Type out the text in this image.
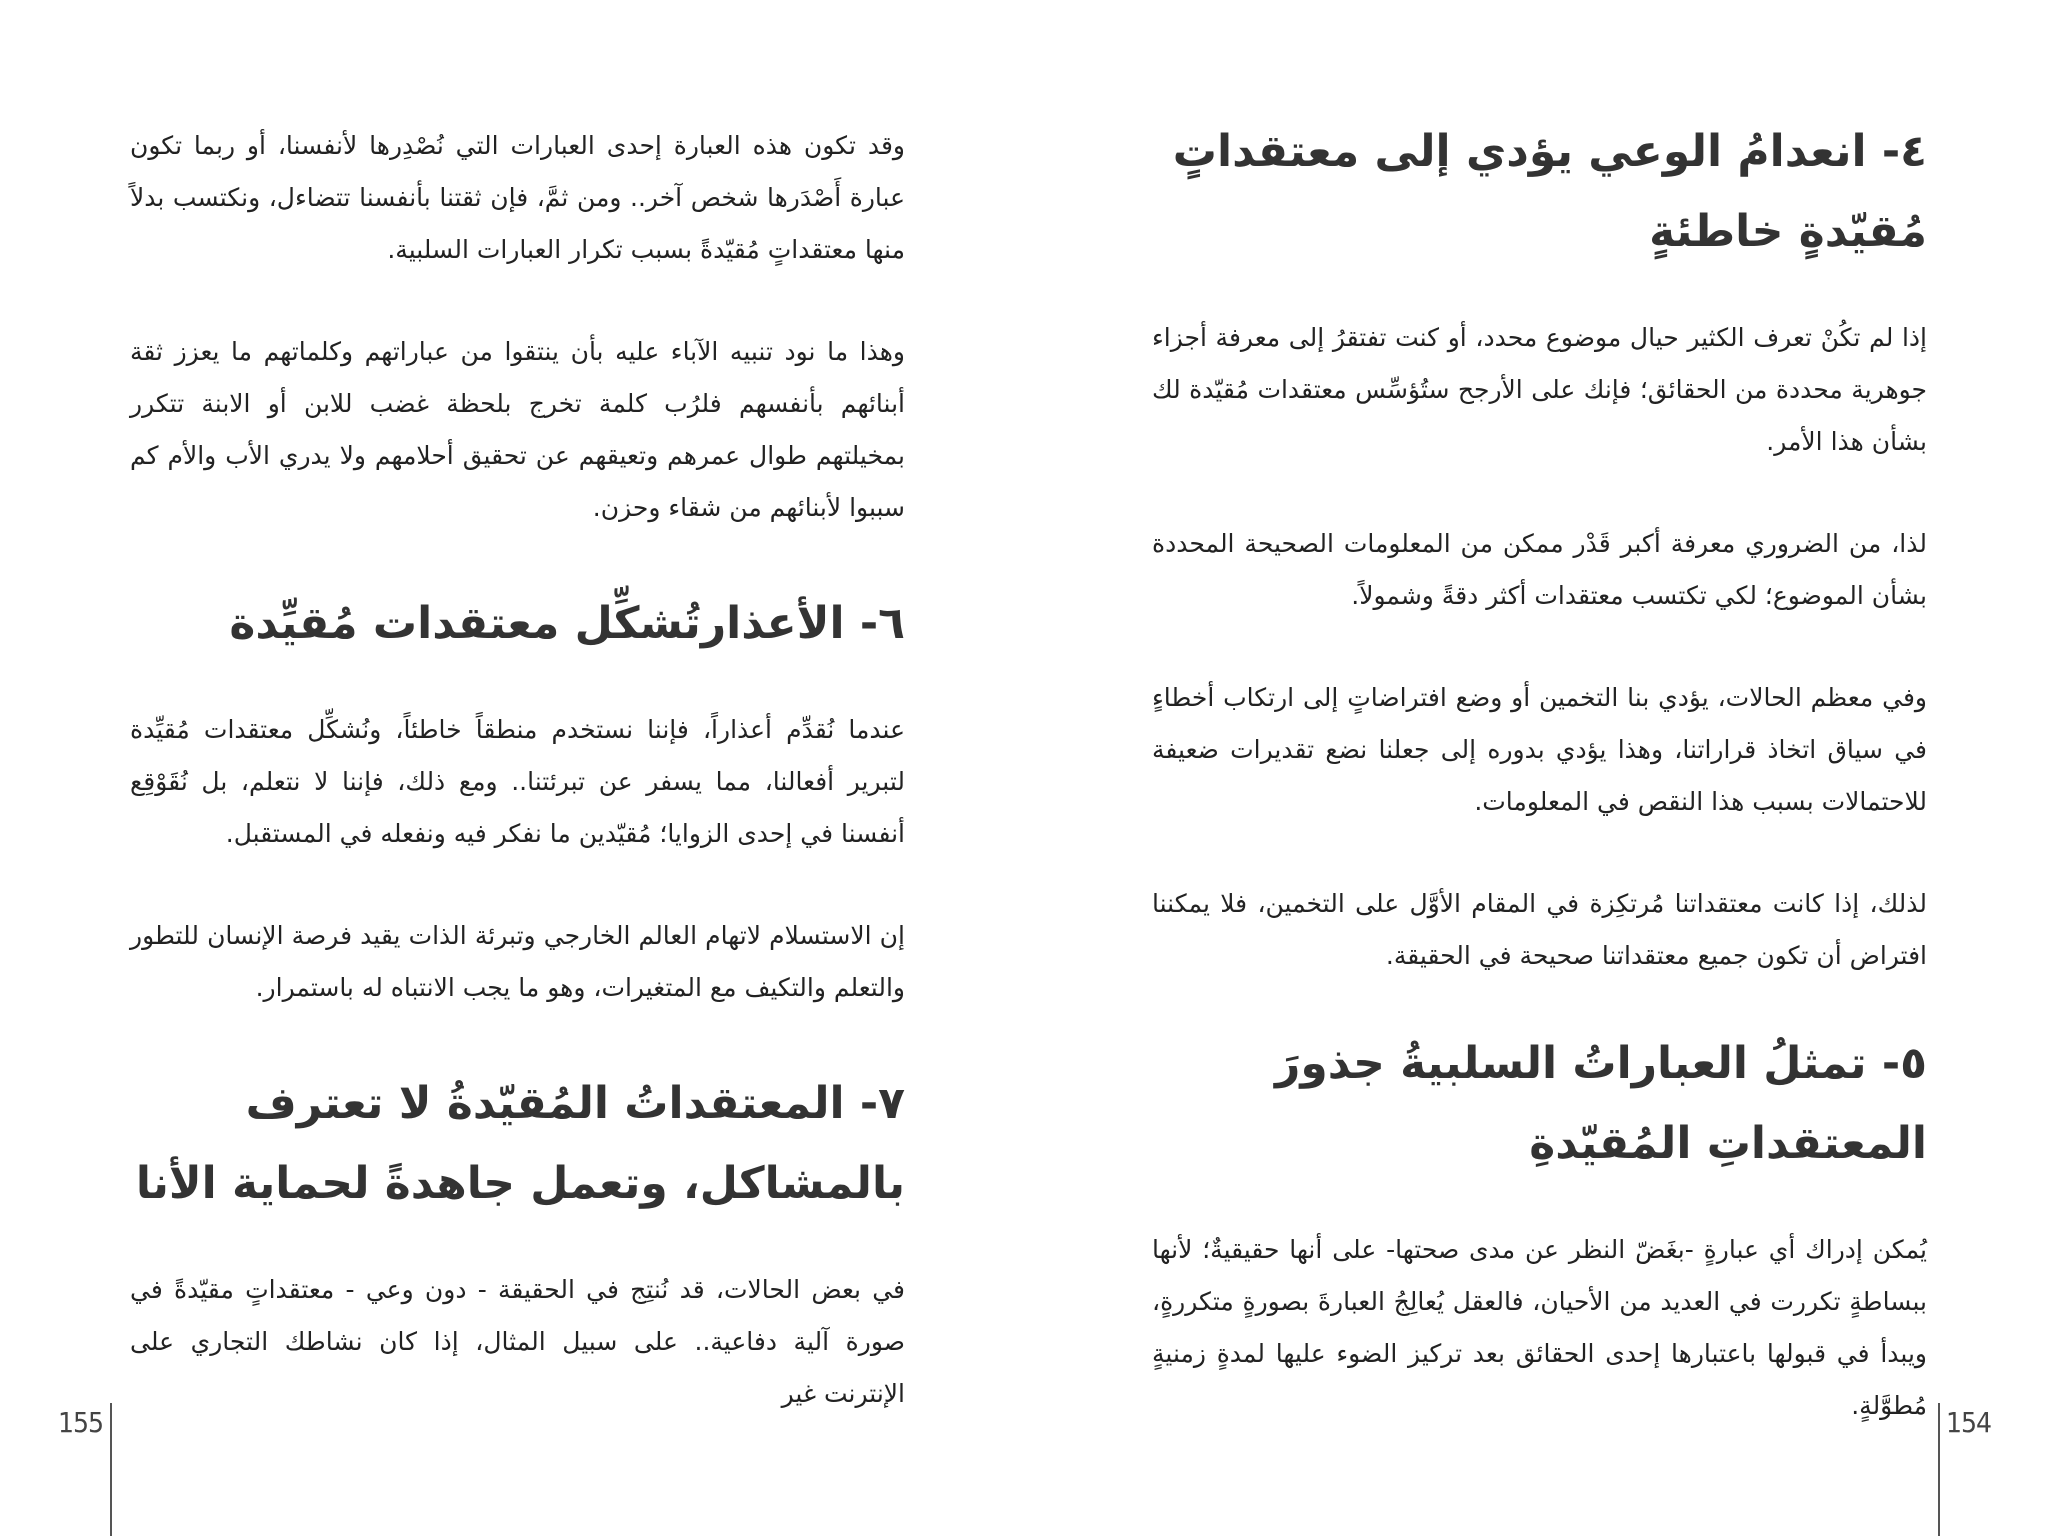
وقد تكون هذه العبارة إحدى العبارات التي نُصْدِرها لأنفسنا، أو ربما تكون عبارة أَصْدَرها شخص آخر.. ومن ثمَّ، فإن ثقتنا بأنفسنا تتضاءل، ونكتسب بدلاً منها معتقداتٍ مُقيّدةً بسبب تكرار العبارات السلبية.

وهذا ما نود تنبيه الآباء عليه بأن ينتقوا من عباراتهم وكلماتهم ما يعزز ثقة أبنائهم بأنفسهم فلرُب كلمة تخرج بلحظة غضب للابن أو الابنة تتكرر بمخيلتهم طوال عمرهم وتعيقهم عن تحقيق أحلامهم ولا يدري الأب والأم كم سببوا لأبنائهم من شقاء وحزن.

٦- الأعذارتُشكِّل معتقدات مُقيِّدة

عندما نُقدِّم أعذاراً، فإننا نستخدم منطقاً خاطئاً، ونُشكِّل معتقدات مُقيِّدة لتبرير أفعالنا، مما يسفر عن تبرئتنا.. ومع ذلك، فإننا لا نتعلم، بل نُقَوْقِع أنفسنا في إحدى الزوايا؛ مُقيّدين ما نفكر فيه ونفعله في المستقبل.

إن الاستسلام لاتهام العالم الخارجي وتبرئة الذات يقيد فرصة الإنسان للتطور والتعلم والتكيف مع المتغيرات، وهو ما يجب الانتباه له باستمرار.

٧- المعتقداتُ المُقيّدةُ لا تعترف بالمشاكل، وتعمل جاهدةً لحماية الأنا

في بعض الحالات، قد نُنتِج في الحقيقة - دون وعي - معتقداتٍ مقيّدةً في صورة آلية دفاعية.. على سبيل المثال، إذا كان نشاطك التجاري على الإنترنت غير

٤- انعدامُ الوعي يؤدي إلى معتقداتٍ مُقيّدةٍ خاطئةٍ

إذا لم تكُنْ تعرف الكثير حيال موضوع محدد، أو كنت تفتقرُ إلى معرفة أجزاء جوهرية محددة من الحقائق؛ فإنك على الأرجح ستُؤسِّس معتقدات مُقيّدة لك بشأن هذا الأمر.

لذا، من الضروري معرفة أكبر قَدْر ممكن من المعلومات الصحيحة المحددة بشأن الموضوع؛ لكي تكتسب معتقدات أكثر دقةً وشمولاً.

وفي معظم الحالات، يؤدي بنا التخمين أو وضع افتراضاتٍ إلى ارتكاب أخطاءٍ في سياق اتخاذ قراراتنا، وهذا يؤدي بدوره إلى جعلنا نضع تقديرات ضعيفة للاحتمالات بسبب هذا النقص في المعلومات.

لذلك، إذا كانت معتقداتنا مُرتكِزة في المقام الأوَّل على التخمين، فلا يمكننا افتراض أن تكون جميع معتقداتنا صحيحة في الحقيقة.

٥- تمثلُ العباراتُ السلبيةُ جذورَ المعتقداتِ المُقيّدةِ

يُمكن إدراك أي عبارةٍ -بغَضّ النظر عن مدى صحتها- على أنها حقيقيةٌ؛ لأنها ببساطةٍ تكررت في العديد من الأحيان، فالعقل يُعالِجُ العبارةَ بصورةٍ متكررةٍ، ويبدأ في قبولها باعتبارها إحدى الحقائق بعد تركيز الضوء عليها لمدةٍ زمنيةٍ مُطوَّلةٍ.

155	154
